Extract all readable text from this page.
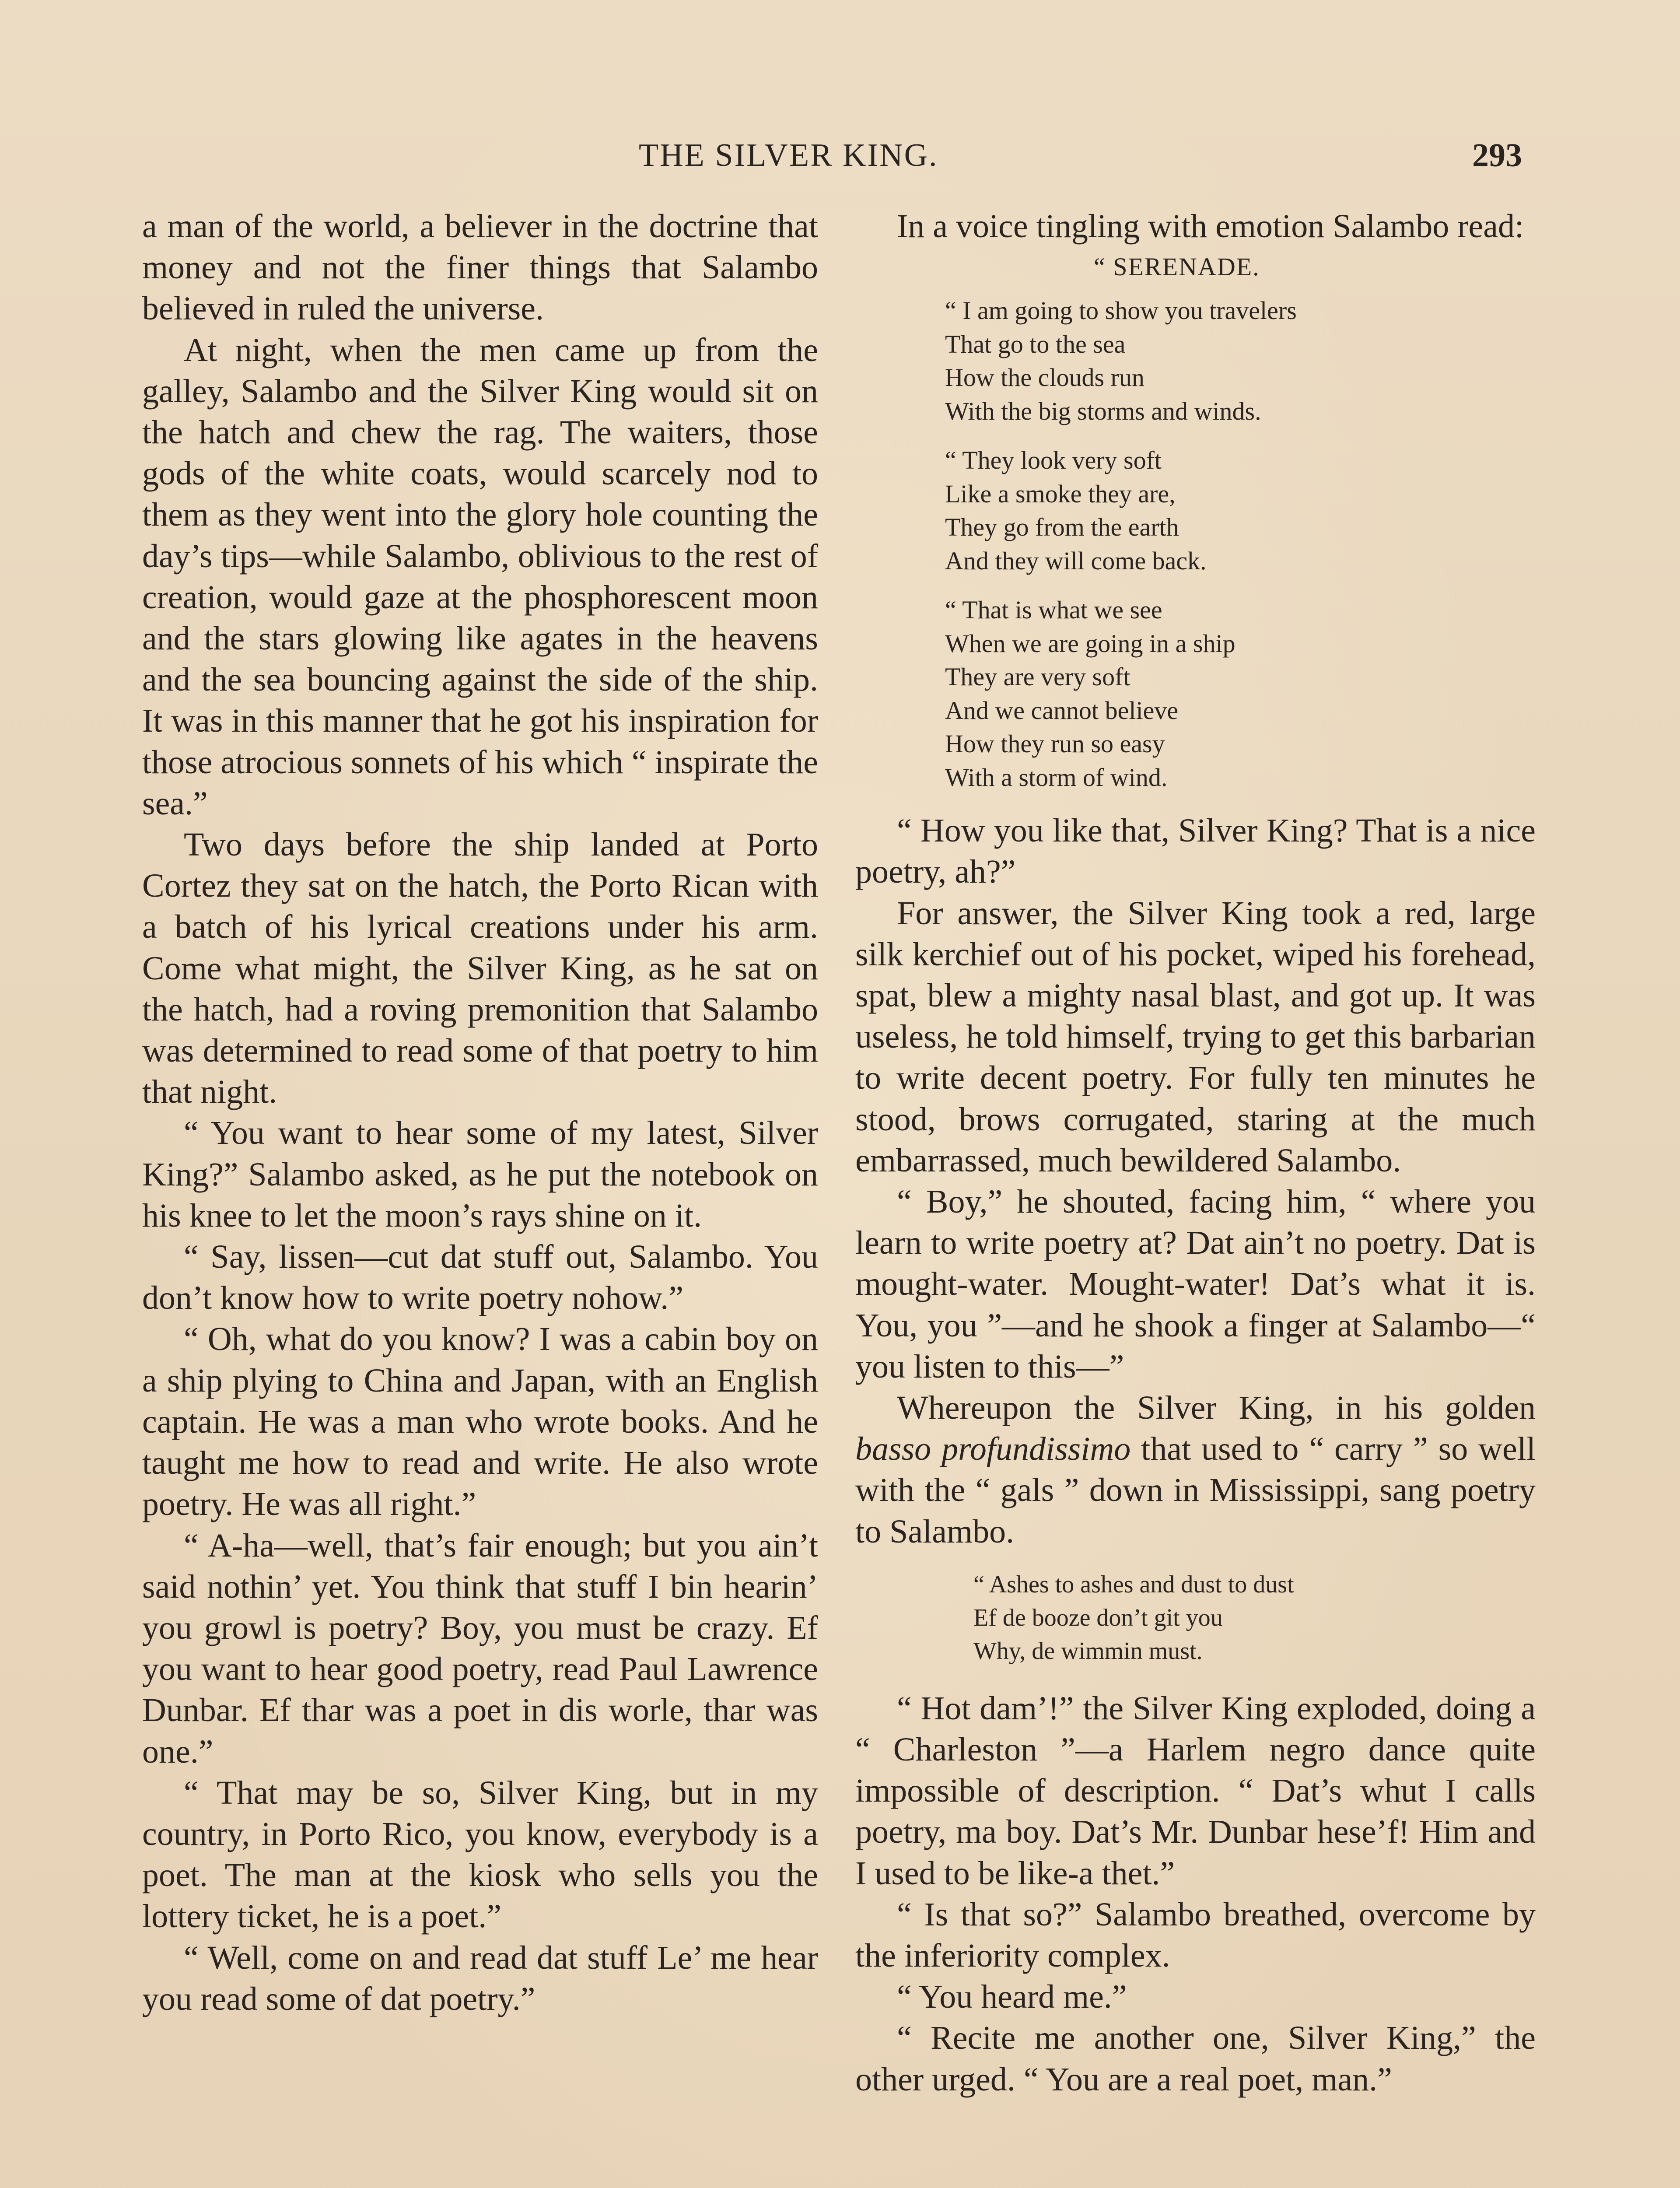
THE SILVER KING.	293

a man of the world, a believer in the doctrine that money and not the finer things that Salambo believed in ruled the universe.

At night, when the men came up from the galley, Salambo and the Silver King would sit on the hatch and chew the rag. The waiters, those gods of the white coats, would scarcely nod to them as they went into the glory hole counting the day’s tips—while Salambo, oblivious to the rest of creation, would gaze at the phosphorescent moon and the stars glowing like agates in the heavens and the sea bouncing against the side of the ship. It was in this manner that he got his inspiration for those atrocious sonnets of his which “ inspirate the sea.”

Two days before the ship landed at Porto Cortez they sat on the hatch, the Porto Rican with a batch of his lyrical creations under his arm. Come what might, the Silver King, as he sat on the hatch, had a roving premonition that Salambo was determined to read some of that poetry to him that night.

“ You want to hear some of my latest, Silver King?” Salambo asked, as he put the notebook on his knee to let the moon’s rays shine on it.

“ Say, lissen—cut dat stuff out, Salambo. You don’t know how to write poetry nohow.”

“ Oh, what do you know? I was a cabin boy on a ship plying to China and Japan, with an English captain. He was a man who wrote books. And he taught me how to read and write. He also wrote poetry. He was all right.”

“ A-ha—well, that’s fair enough; but you ain’t said nothin’ yet. You think that stuff I bin hearin’ you growl is poetry? Boy, you must be crazy. Ef you want to hear good poetry, read Paul Lawrence Dunbar. Ef thar was a poet in dis worle, thar was one.”

“ That may be so, Silver King, but in my country, in Porto Rico, you know, everybody is a poet. The man at the kiosk who sells you the lottery ticket, he is a poet.”

“ Well, come on and read dat stuff Le’ me hear you read some of dat poetry.”

In a voice tingling with emotion Salambo read:

“ SERENADE.
“ I am going to show you travelers
That go to the sea
How the clouds run
With the big storms and winds.
“ They look very soft
Like a smoke they are,
They go from the earth
And they will come back.
“ That is what we see
When we are going in a ship
They are very soft
And we cannot believe
How they run so easy
With a storm of wind.

“ How you like that, Silver King? That is a nice poetry, ah?”

For answer, the Silver King took a red, large silk kerchief out of his pocket, wiped his forehead, spat, blew a mighty nasal blast, and got up. It was useless, he told himself, trying to get this barbarian to write decent poetry. For fully ten minutes he stood, brows corrugated, staring at the much embarrassed, much bewildered Salambo.

“ Boy,” he shouted, facing him, “ where you learn to write poetry at? Dat ain’t no poetry. Dat is mought-water. Mought-water! Dat’s what it is. You, you ”—and he shook a finger at Salambo—“ you listen to this—”

Whereupon the Silver King, in his golden basso profundissimo that used to “ carry ” so well with the “ gals ” down in Mississippi, sang poetry to Salambo.

“ Ashes to ashes and dust to dust
Ef de booze don’t git you
Why, de wimmin must.

“ Hot dam’!” the Silver King exploded, doing a “ Charleston ”—a Harlem negro dance quite impossible of description. “ Dat’s whut I calls poetry, ma boy. Dat’s Mr. Dunbar hese’f! Him and I used to be like-a thet.”

“ Is that so?” Salambo breathed, overcome by the inferiority complex.

“ You heard me.”

“ Recite me another one, Silver King,” the other urged. “ You are a real poet, man.”
